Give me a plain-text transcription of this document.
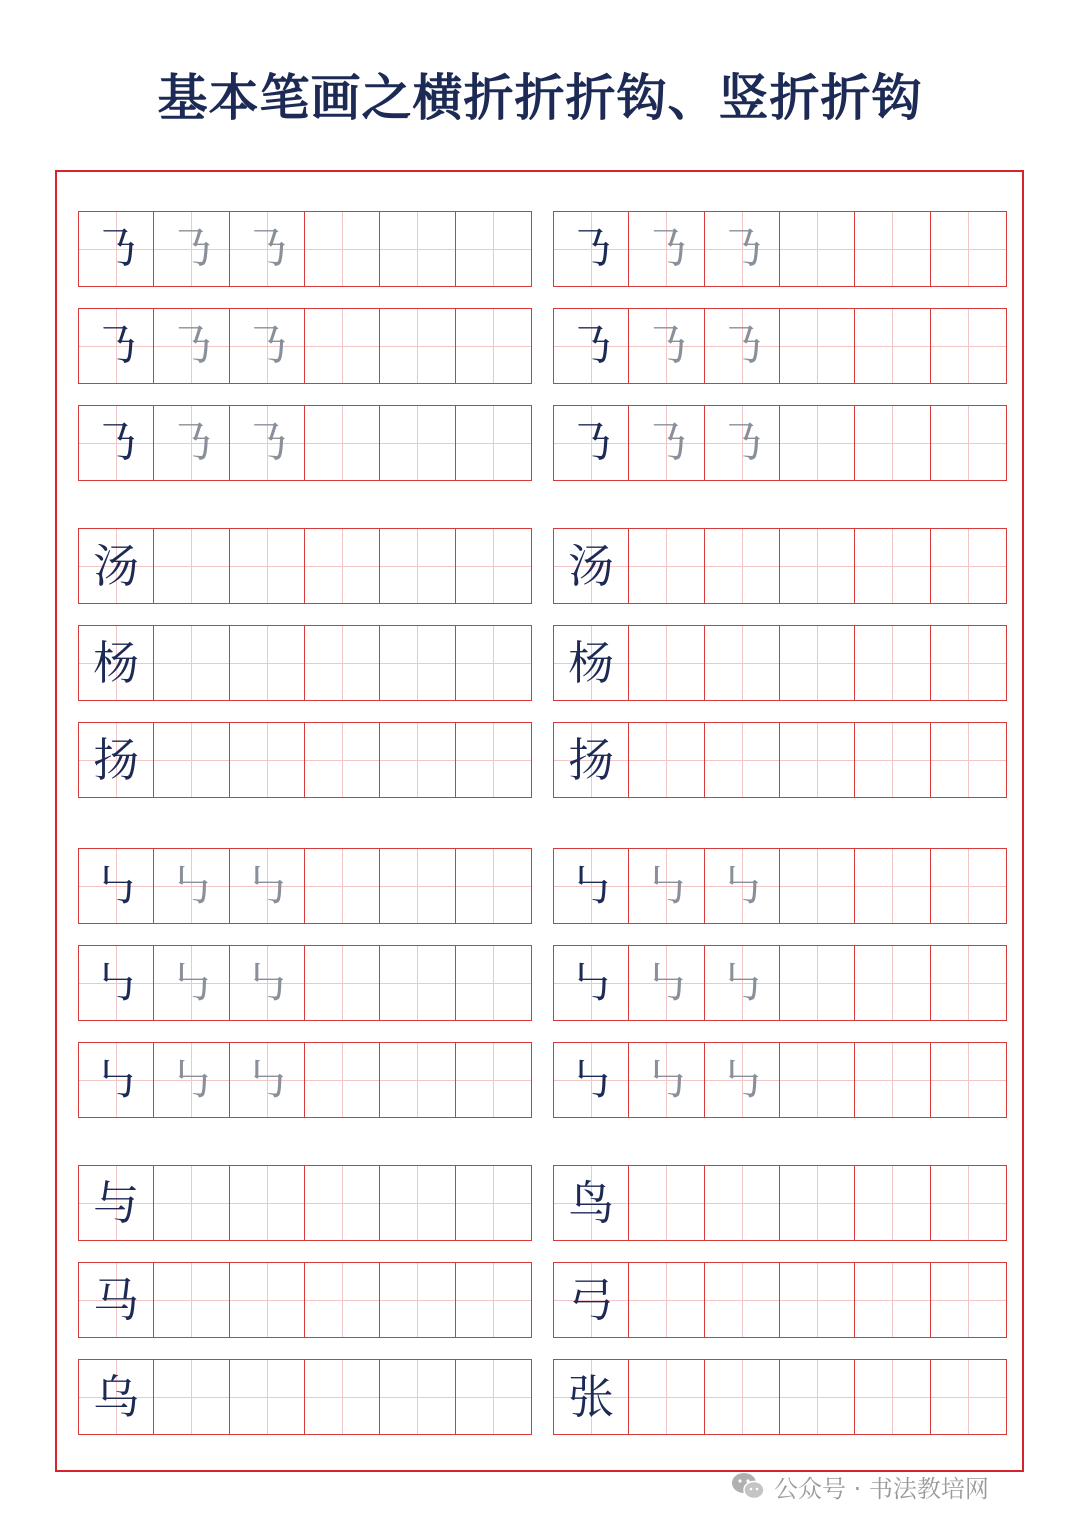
基本笔画之横折折折钩、竖折折钩
㇡ ㇡ ㇡	㇡ ㇡ ㇡
㇡ ㇡ ㇡	㇡ ㇡ ㇡
㇡ ㇡ ㇡	㇡ ㇡ ㇡
汤	汤
杨	杨
扬	扬
㇉ ㇉ ㇉	㇉ ㇉ ㇉
㇉ ㇉ ㇉	㇉ ㇉ ㇉
㇉ ㇉ ㇉	㇉ ㇉ ㇉
与	鸟
马	弓
乌	张
公众号 · 书法教培网
